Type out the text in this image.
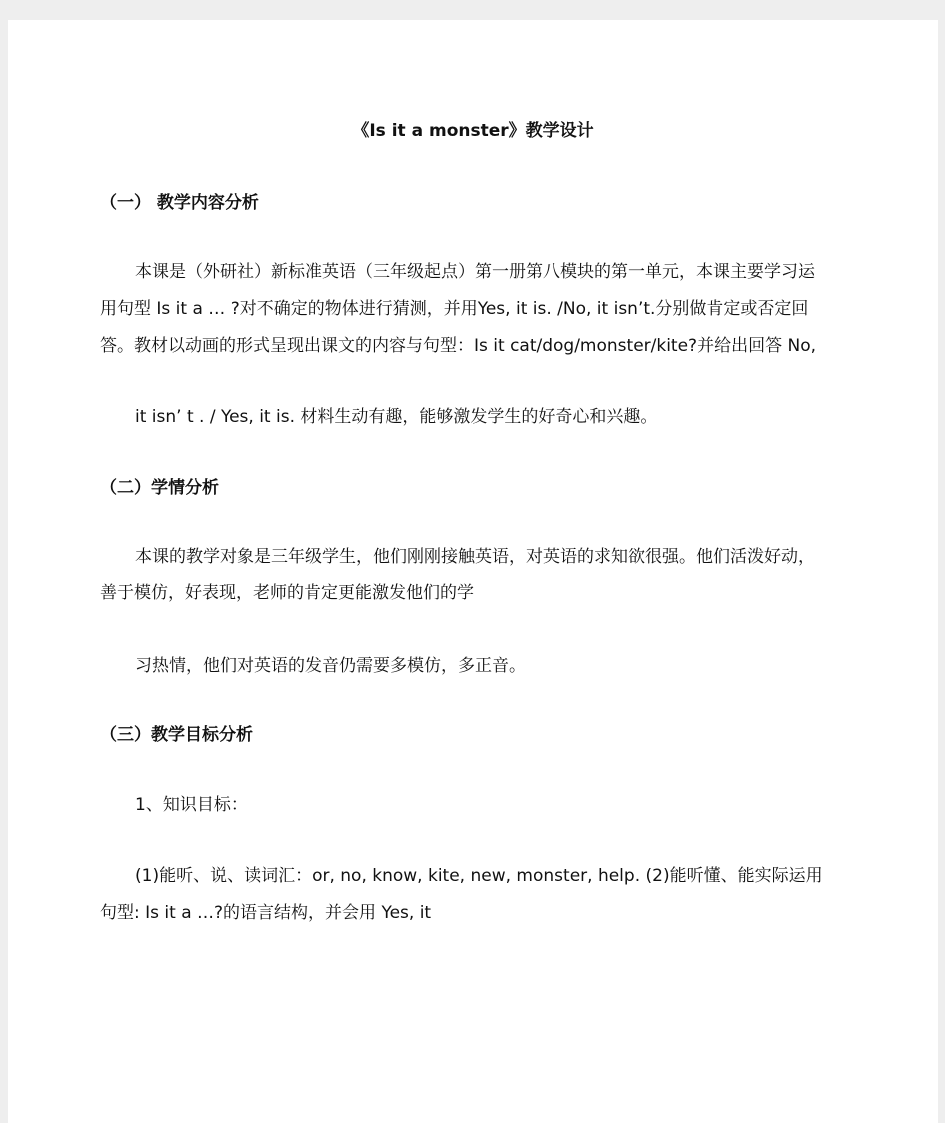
《Is it a monster》教学设计
（一） 教学内容分析
本课是（外研社）新标准英语（三年级起点）第一册第八模块的第一单元，本课主要学习运
用句型 Is it a … ?对不确定的物体进行猜测，并用Yes, it is. /No, it isn’t.分别做肯定或否定回
答。教材以动画的形式呈现出课文的内容与句型：Is it cat/dog/monster/kite?并给出回答 No,
it isn’ t . / Yes, it is. 材料生动有趣，能够激发学生的好奇心和兴趣。
（二）学情分析
本课的教学对象是三年级学生，他们刚刚接触英语，对英语的求知欲很强。他们活泼好动，
善于模仿，好表现，老师的肯定更能激发他们的学
习热情，他们对英语的发音仍需要多模仿，多正音。
（三）教学目标分析
1、知识目标：
(1)能听、说、读词汇：or, no, know, kite, new, monster, help. (2)能听懂、能实际运用
句型: Is it a …?的语言结构，并会用 Yes, it
